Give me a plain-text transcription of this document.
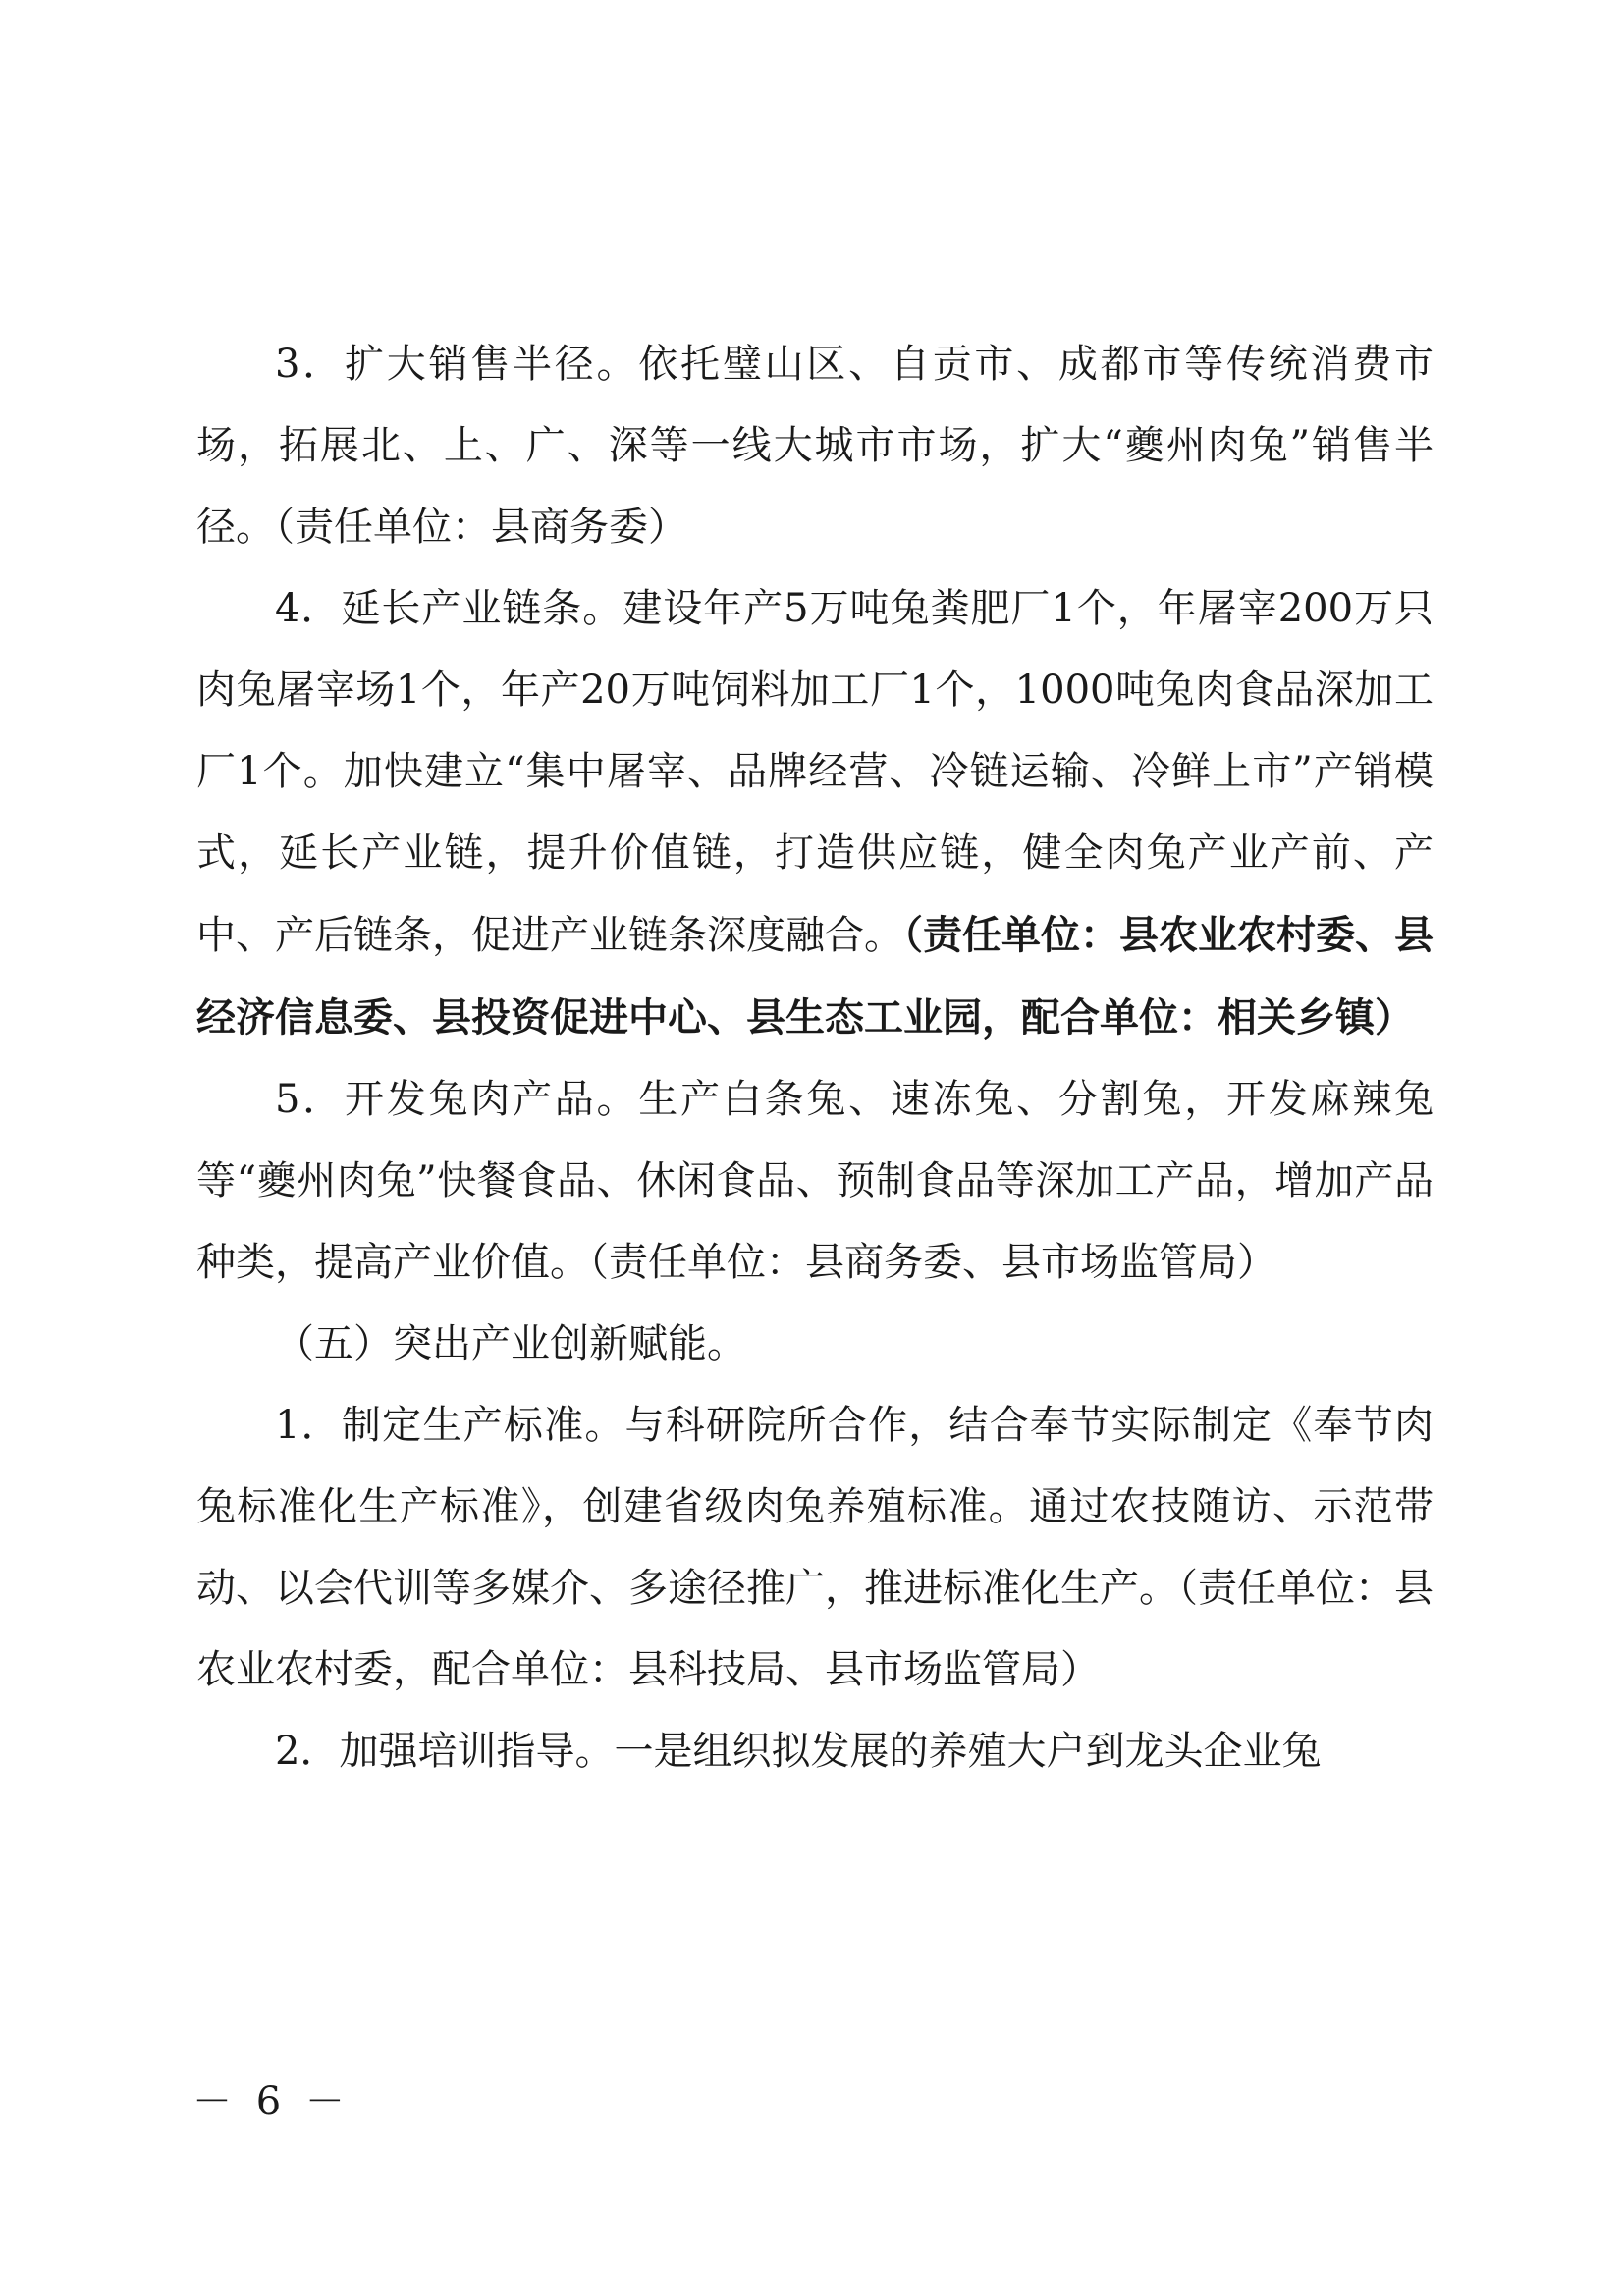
3．扩大销售半径。依托璧山区、自贡市、成都市等传统消费市场，拓展北、上、广、深等一线大城市市场，扩大“夔州肉兔”销售半径。（责任单位：县商务委）

4．延长产业链条。建设年产5万吨兔粪肥厂1个，年屠宰200万只肉兔屠宰场1个，年产20万吨饲料加工厂1个，1000吨兔肉食品深加工厂1个。加快建立“集中屠宰、品牌经营、冷链运输、冷鲜上市”产销模式，延长产业链，提升价值链，打造供应链，健全肉兔产业产前、产中、产后链条，促进产业链条深度融合。（责任单位：县农业农村委、县经济信息委、县投资促进中心、县生态工业园，配合单位：相关乡镇）

5．开发兔肉产品。生产白条兔、速冻兔、分割兔，开发麻辣兔等“夔州肉兔”快餐食品、休闲食品、预制食品等深加工产品，增加产品种类，提高产业价值。（责任单位：县商务委、县市场监管局）

（五）突出产业创新赋能。

1．制定生产标准。与科研院所合作，结合奉节实际制定《奉节肉兔标准化生产标准》，创建省级肉兔养殖标准。通过农技随访、示范带动、以会代训等多媒介、多途径推广，推进标准化生产。（责任单位：县农业农村委，配合单位：县科技局、县市场监管局）

2．加强培训指导。一是组织拟发展的养殖大户到龙头企业兔

－ 6 －
